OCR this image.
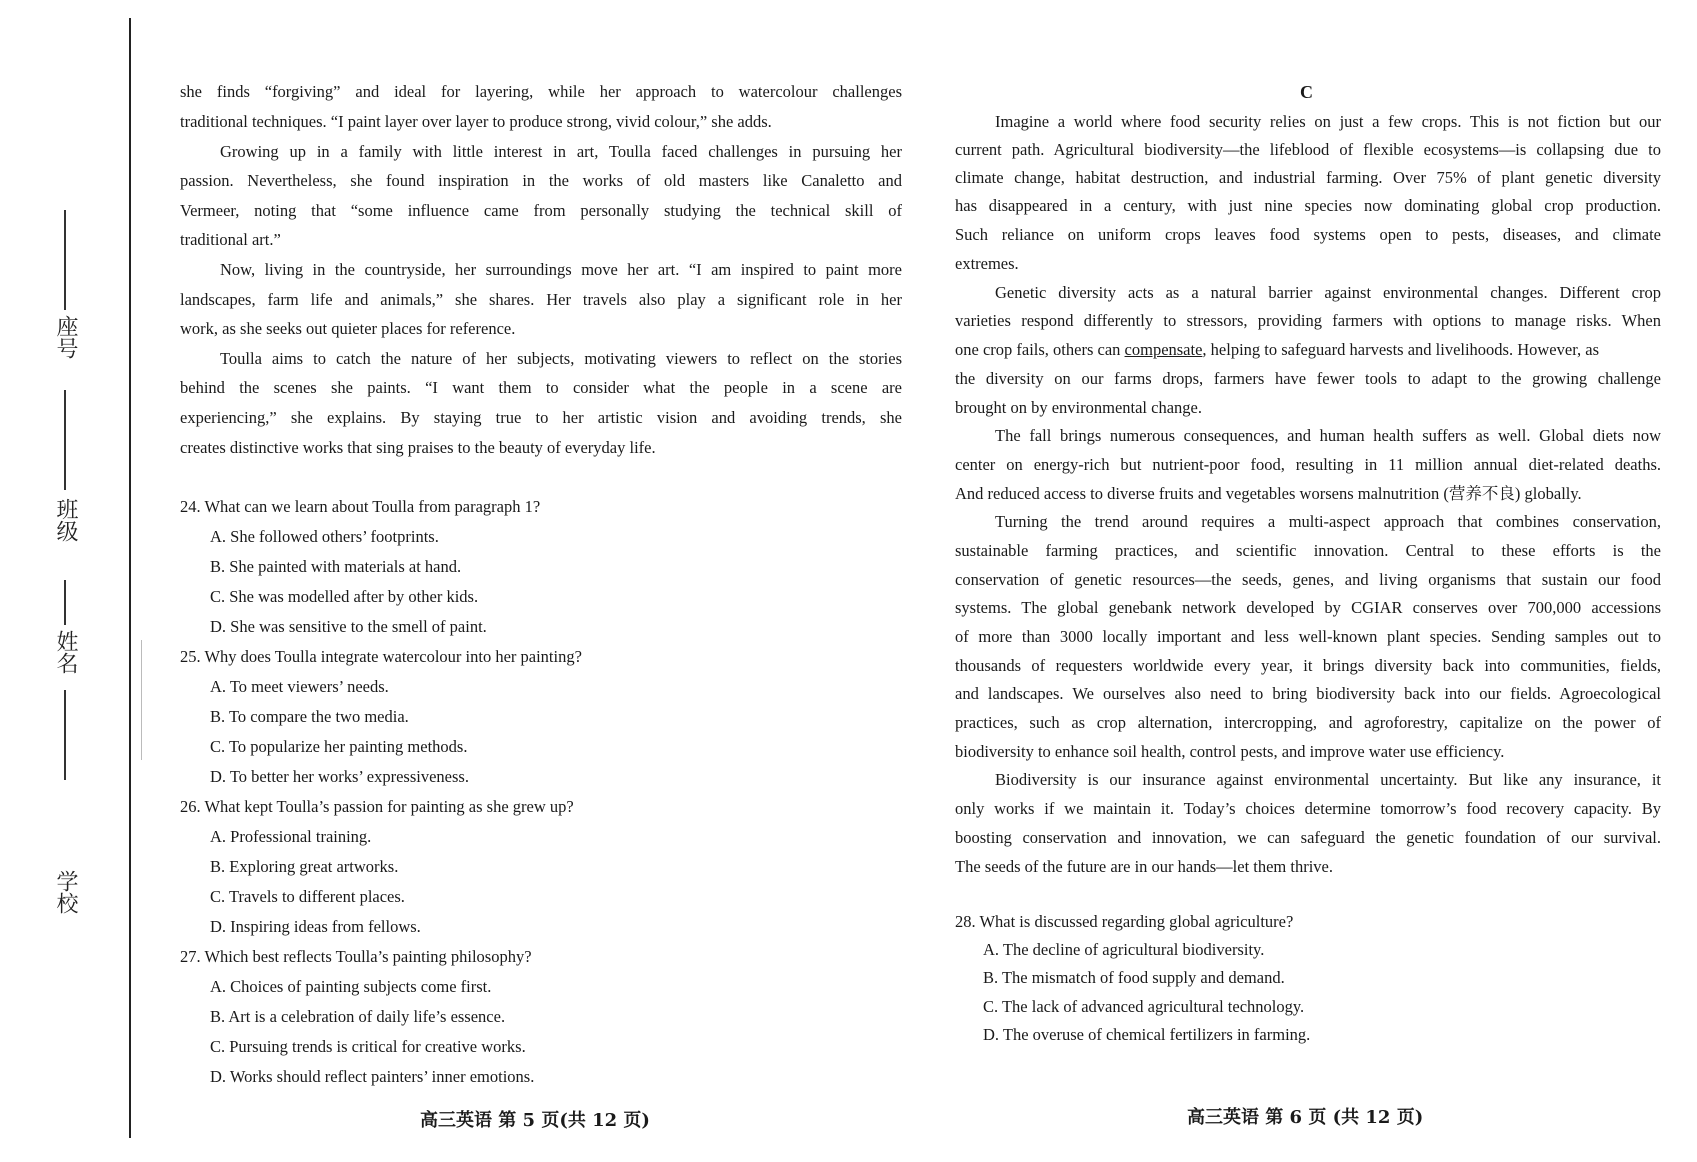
座号
班级
姓名
学校
she finds “forgiving” and ideal for layering, while her approach to watercolour challenges
traditional techniques. “I paint layer over layer to produce strong, vivid colour,” she adds.
Growing up in a family with little interest in art, Toulla faced challenges in pursuing her
passion. Nevertheless, she found inspiration in the works of old masters like Canaletto and
Vermeer, noting that “some influence came from personally studying the technical skill of
traditional art.”
Now, living in the countryside, her surroundings move her art. “I am inspired to paint more
landscapes, farm life and animals,” she shares. Her travels also play a significant role in her
work, as she seeks out quieter places for reference.
Toulla aims to catch the nature of her subjects, motivating viewers to reflect on the stories
behind the scenes she paints. “I want them to consider what the people in a scene are
experiencing,” she explains. By staying true to her artistic vision and avoiding trends, she
creates distinctive works that sing praises to the beauty of everyday life.
24. What can we learn about Toulla from paragraph 1?
A. She followed others’ footprints.
B. She painted with materials at hand.
C. She was modelled after by other kids.
D. She was sensitive to the smell of paint.
25. Why does Toulla integrate watercolour into her painting?
A. To meet viewers’ needs.
B. To compare the two media.
C. To popularize her painting methods.
D. To better her works’ expressiveness.
26. What kept Toulla’s passion for painting as she grew up?
A. Professional training.
B. Exploring great artworks.
C. Travels to different places.
D. Inspiring ideas from fellows.
27. Which best reflects Toulla’s painting philosophy?
A. Choices of painting subjects come first.
B. Art is a celebration of daily life’s essence.
C. Pursuing trends is critical for creative works.
D. Works should reflect painters’ inner emotions.
高三英语 第 5 页(共 12 页)
C
Imagine a world where food security relies on just a few crops. This is not fiction but our
current path. Agricultural biodiversity—the lifeblood of flexible ecosystems—is collapsing due to
climate change, habitat destruction, and industrial farming. Over 75% of plant genetic diversity
has disappeared in a century, with just nine species now dominating global crop production.
Such reliance on uniform crops leaves food systems open to pests, diseases, and climate
extremes.
Genetic diversity acts as a natural barrier against environmental changes. Different crop
varieties respond differently to stressors, providing farmers with options to manage risks. When
one crop fails, others can compensate, helping to safeguard harvests and livelihoods. However, as
the diversity on our farms drops, farmers have fewer tools to adapt to the growing challenge
brought on by environmental change.
The fall brings numerous consequences, and human health suffers as well. Global diets now
center on energy-rich but nutrient-poor food, resulting in 11 million annual diet-related deaths.
And reduced access to diverse fruits and vegetables worsens malnutrition (营养不良) globally.
Turning the trend around requires a multi-aspect approach that combines conservation,
sustainable farming practices, and scientific innovation. Central to these efforts is the
conservation of genetic resources—the seeds, genes, and living organisms that sustain our food
systems. The global genebank network developed by CGIAR conserves over 700,000 accessions
of more than 3000 locally important and less well-known plant species. Sending samples out to
thousands of requesters worldwide every year, it brings diversity back into communities, fields,
and landscapes. We ourselves also need to bring biodiversity back into our fields. Agroecological
practices, such as crop alternation, intercropping, and agroforestry, capitalize on the power of
biodiversity to enhance soil health, control pests, and improve water use efficiency.
Biodiversity is our insurance against environmental uncertainty. But like any insurance, it
only works if we maintain it. Today’s choices determine tomorrow’s food recovery capacity. By
boosting conservation and innovation, we can safeguard the genetic foundation of our survival.
The seeds of the future are in our hands—let them thrive.
28. What is discussed regarding global agriculture?
A. The decline of agricultural biodiversity.
B. The mismatch of food supply and demand.
C. The lack of advanced agricultural technology.
D. The overuse of chemical fertilizers in farming.
高三英语 第 6 页 (共 12 页)
